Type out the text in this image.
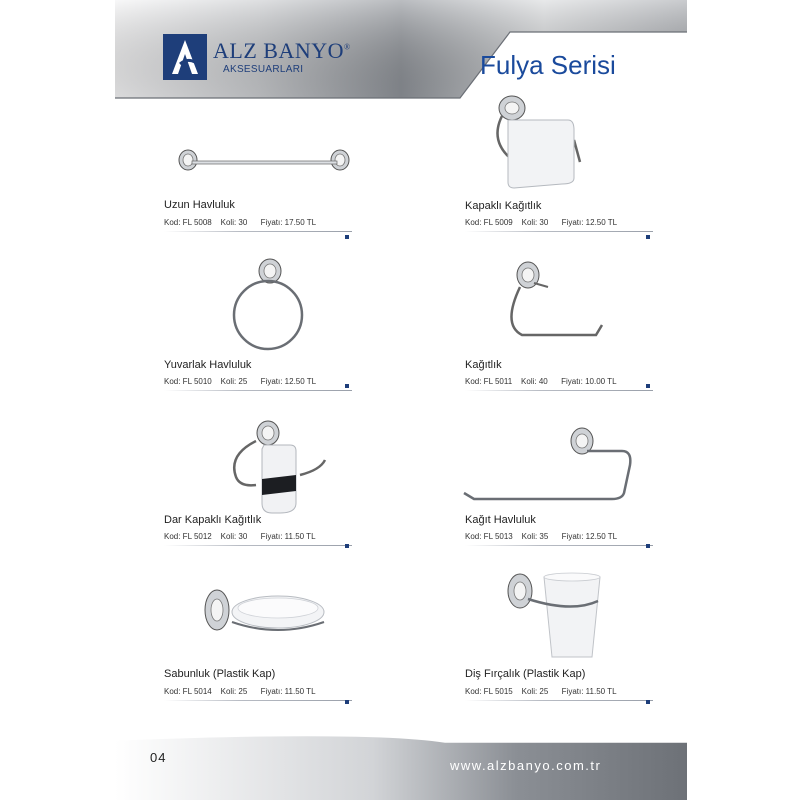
ALZ BANYO®
AKSESUARLARI	Fulya Serisi
Uzun Havluluk
Kod: FL 5008 Koli: 30 Fiyatı: 17.50 TL
Kapaklı Kağıtlık
Kod: FL 5009 Koli: 30 Fiyatı: 12.50 TL
Yuvarlak Havluluk
Kod: FL 5010 Koli: 25 Fiyatı: 12.50 TL
Kağıtlık
Kod: FL 5011 Koli: 40 Fiyatı: 10.00 TL
Dar Kapaklı Kağıtlık
Kod: FL 5012 Koli: 30 Fiyatı: 11.50 TL
Kağıt Havluluk
Kod: FL 5013 Koli: 35 Fiyatı: 12.50 TL
Sabunluk (Plastik Kap)
Kod: FL 5014 Koli: 25 Fiyatı: 11.50 TL
Diş Fırçalık (Plastik Kap)
Kod: FL 5015 Koli: 25 Fiyatı: 11.50 TL
04
www.alzbanyo.com.tr
